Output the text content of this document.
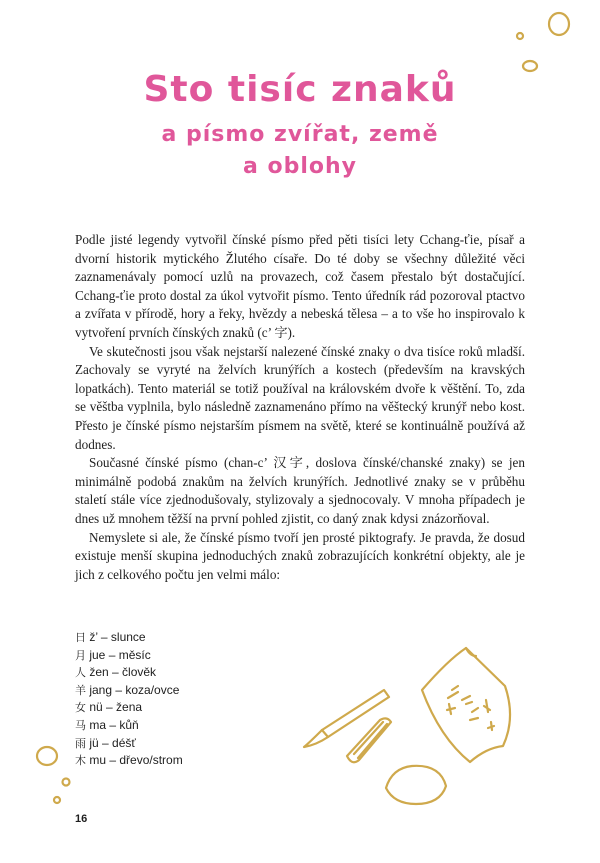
Sto tisíc znaků
a písmo zvířat, země
a oblohy

Podle jisté legendy vytvořil čínské písmo před pěti tisíci lety Cchang-ťie, písař a dvorní historik mytického Žlutého císaře. Do té doby se všechny důležité věci zaznamenávaly pomocí uzlů na provazech, což časem přestalo být dostačující. Cchang-ťie proto dostal za úkol vytvořit písmo. Tento úředník rád pozoroval ptactvo a zvířata v přírodě, hory a řeky, hvězdy a nebeská tělesa – a to vše ho inspirovalo k vytvoření prvních čínských znaků (c’ 字).

Ve skutečnosti jsou však nejstarší nalezené čínské znaky o dva tisíce roků mladší. Zachovaly se vyryté na želvích krunýřích a kostech (především na kravských lopatkách). Tento materiál se totiž používal na královském dvoře k věštění. To, zda se věštba vyplnila, bylo následně zaznamenáno přímo na věštecký krunýř nebo kost. Přesto je čínské písmo nejstarším písmem na světě, které se kontinuálně používá až dodnes.

Současné čínské písmo (chan-c’ 汉字, doslova čínské/chanské znaky) se jen minimálně podobá znakům na želvích krunýřích. Jednotlivé znaky se v průběhu staletí stále více zjednodušovaly, stylizovaly a sjednocovaly. V mnoha případech je dnes už mnohem těžší na první pohled zjistit, co daný znak kdysi znázorňoval.

Nemyslete si ale, že čínské písmo tvoří jen prosté piktografy. Je pravda, že dosud existuje menší skupina jednoduchých znaků zobrazujících konkrétní objekty, ale je jich z celkového počtu jen velmi málo:

日 ž’ – slunce
月 jue – měsíc
人 žen – člověk
羊 jang – koza/ovce
女 nü – žena
马 ma – kůň
雨 jü – déšť
木 mu – dřevo/strom
16
